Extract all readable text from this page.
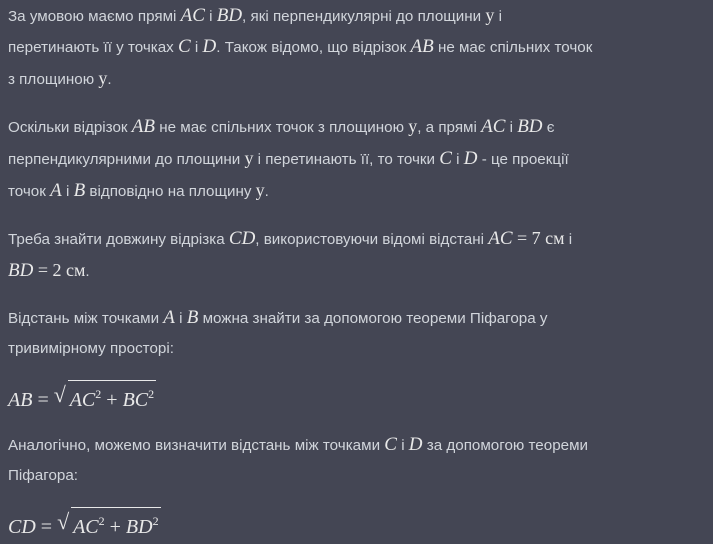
За умовою маємо прямі AC і BD, які перпендикулярні до площини y і
перетинають її у точках C і D. Також відомо, що відрізок AB не має спільних точок
з площиною y.

Оскільки відрізок AB не має спільних точок з площиною y, а прямі AC і BD є
перпендикулярними до площини y і перетинають її, то точки C і D - це проекції
точок A і B відповідно на площину y.

Треба знайти довжину відрізка CD, використовуючи відомі відстані AC = 7 см і
BD = 2 см.

Відстань між точками A і B можна знайти за допомогою теореми Піфагора у
тривимірному просторі:

AB = √ $AC^2 + BC^2$

Аналогічно, можемо визначити відстань між точками C і D за допомогою теореми
Піфагора:

CD = √ $AC^2 + BD^2$
